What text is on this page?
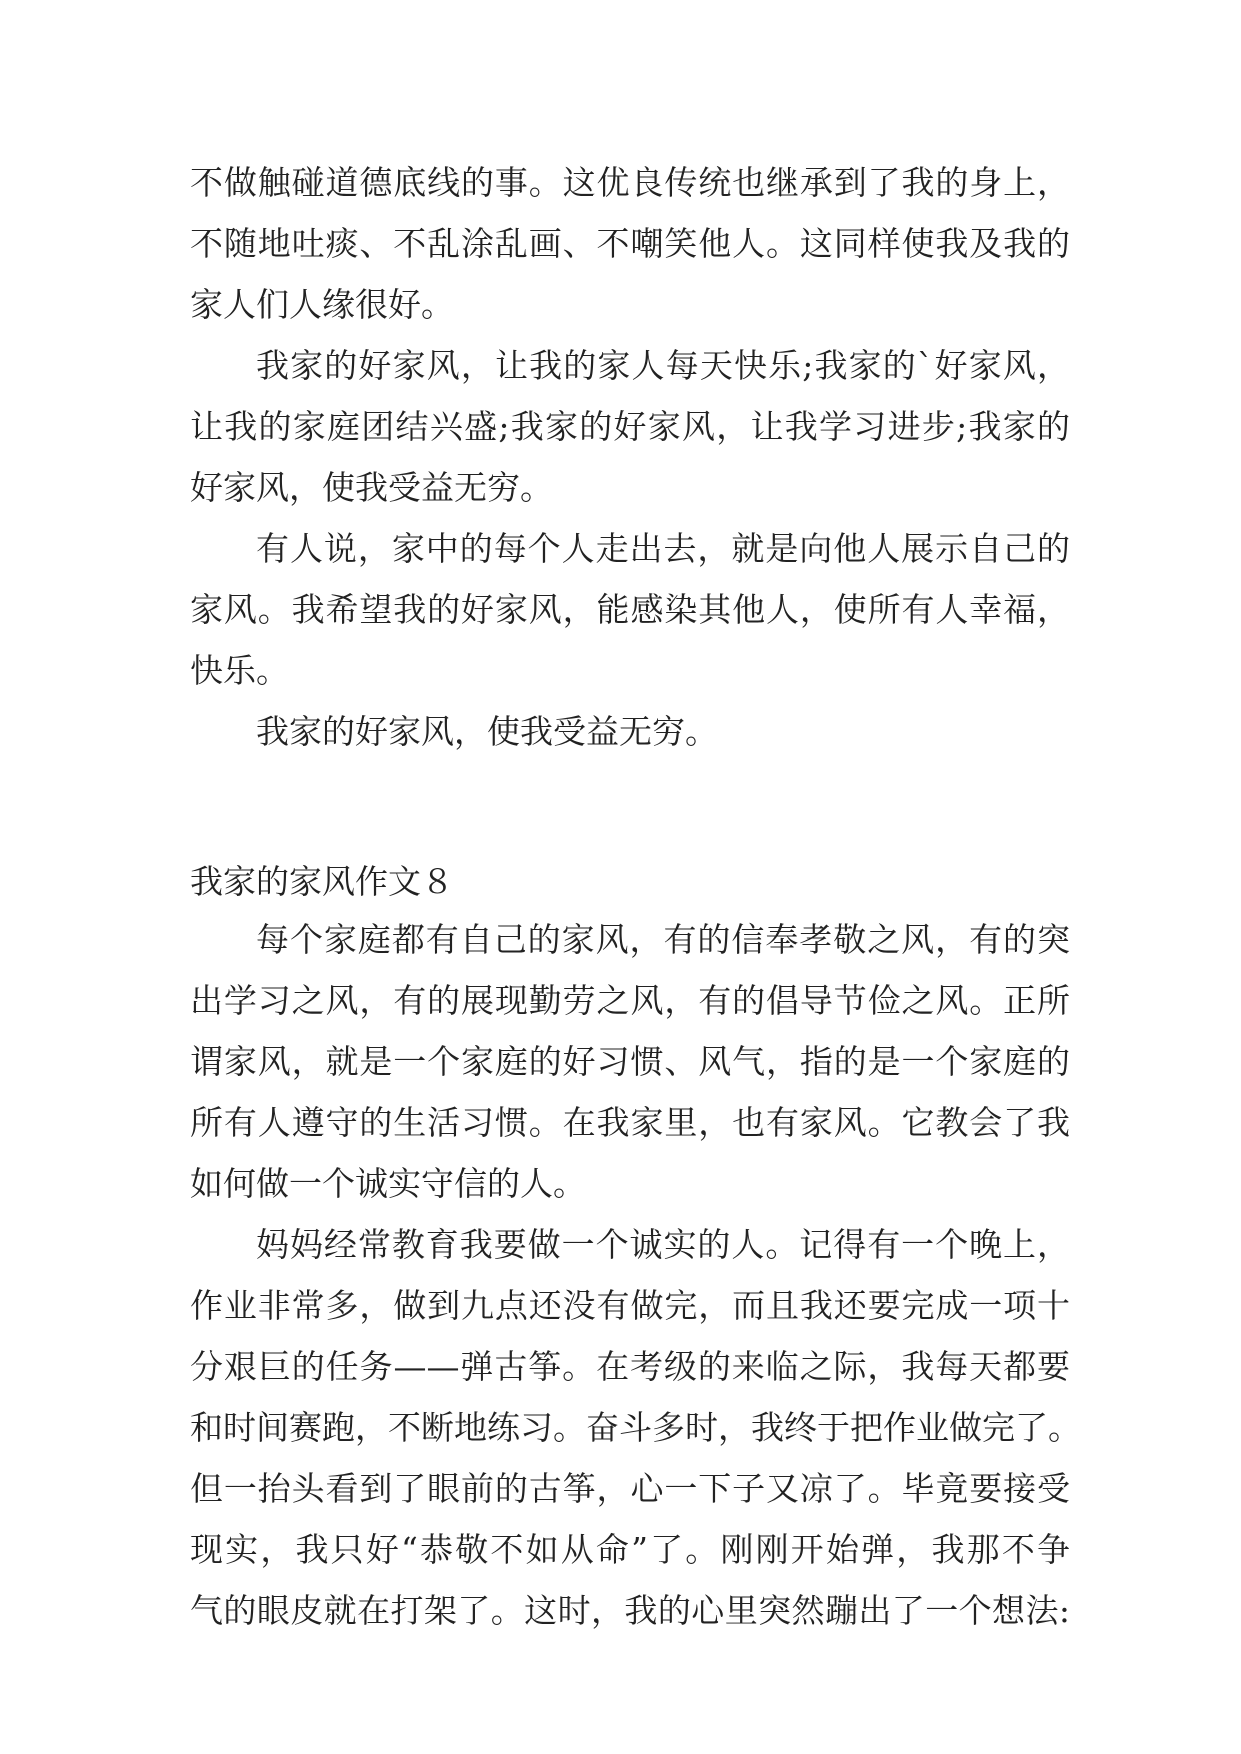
不做触碰道德底线的事。这优良传统也继承到了我的身上，
不随地吐痰、不乱涂乱画、不嘲笑他人。这同样使我及我的
家人们人缘很好。
我家的好家风，让我的家人每天快乐;我家的`好家风，
让我的家庭团结兴盛;我家的好家风，让我学习进步;我家的
好家风，使我受益无穷。
有人说，家中的每个人走出去，就是向他人展示自己的
家风。我希望我的好家风，能感染其他人，使所有人幸福，
快乐。
我家的好家风，使我受益无穷。
我家的家风作文８
每个家庭都有自己的家风，有的信奉孝敬之风，有的突
出学习之风，有的展现勤劳之风，有的倡导节俭之风。正所
谓家风，就是一个家庭的好习惯、风气，指的是一个家庭的
所有人遵守的生活习惯。在我家里，也有家风。它教会了我
如何做一个诚实守信的人。
妈妈经常教育我要做一个诚实的人。记得有一个晚上，
作业非常多，做到九点还没有做完，而且我还要完成一项十
分艰巨的任务——弹古筝。在考级的来临之际，我每天都要
和时间赛跑，不断地练习。奋斗多时，我终于把作业做完了。
但一抬头看到了眼前的古筝，心一下子又凉了。毕竟要接受
现实，我只好“恭敬不如从命”了。刚刚开始弹，我那不争
气的眼皮就在打架了。这时，我的心里突然蹦出了一个想法:
